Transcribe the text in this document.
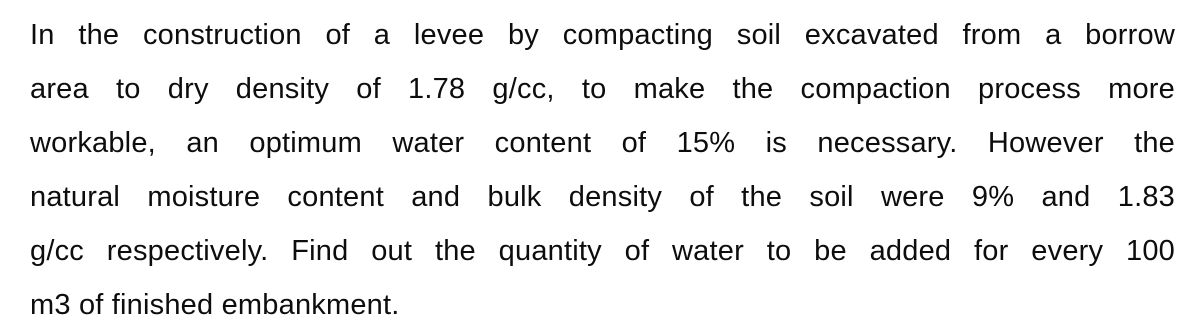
In the construction of a levee by compacting soil excavated from a borrow
area to dry density of 1.78 g/cc, to make the compaction process more
workable, an optimum water content of 15% is necessary. However the
natural moisture content and bulk density of the soil were 9% and 1.83
g/cc respectively. Find out the quantity of water to be added for every 100
m3 of finished embankment.
